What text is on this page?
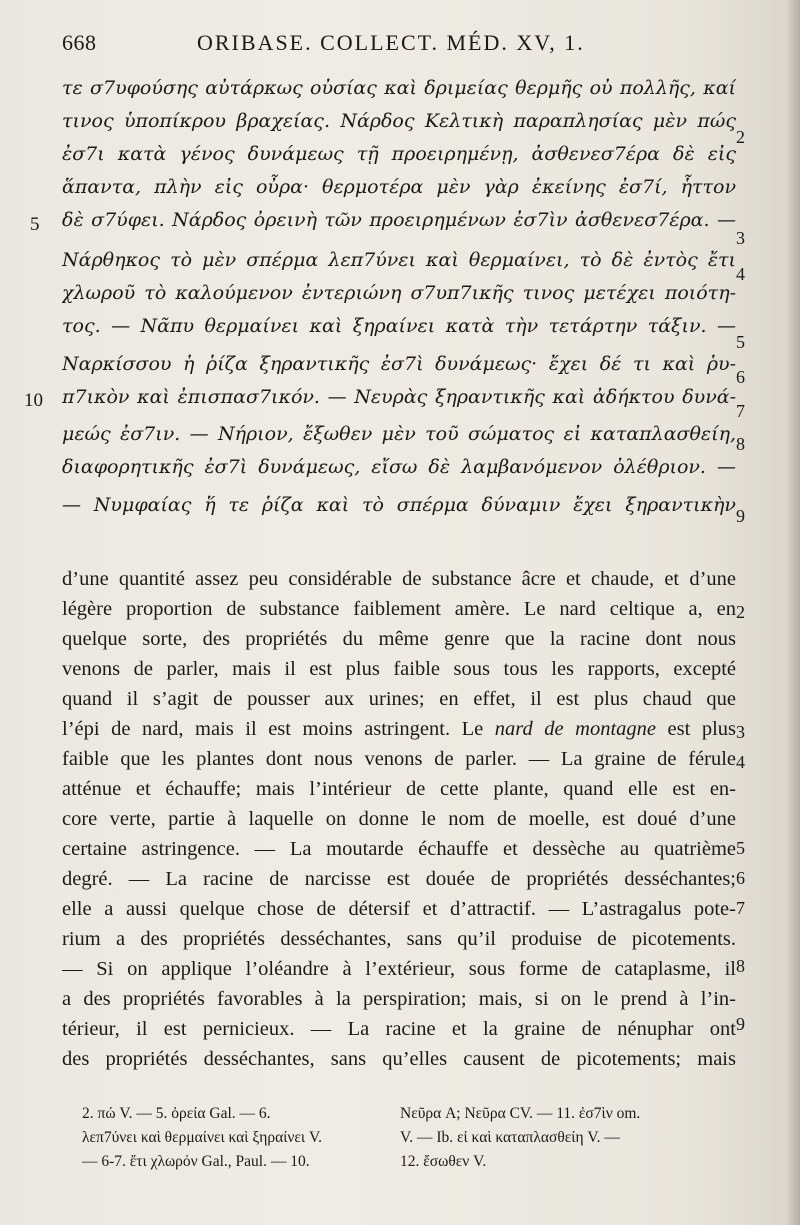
668	ORIBASE. COLLECT. MÉD. XV, 1.
τε σ7υφούσης αὐτάρκως οὐσίας καὶ δριμείας θερμῆς οὐ πολλῆς, καί
τινος ὑποπίκρου βραχείας. Νάρδος Κελτικὴ παραπλησίας μὲν πώς
ἐσ7ι κατὰ γένος δυνάμεως τῇ προειρημένῃ, ἀσθενεσ7έρα δὲ εἰς
ἅπαντα, πλὴν εἰς οὖρα· θερμοτέρα μὲν γὰρ ἐκείνης ἐσ7ί, ἧττον
δὲ σ7ύφει. Νάρδος ὀρεινὴ τῶν προειρημένων ἐσ7ὶν ἀσθενεσ7έρα. —
Νάρθηκος τὸ μὲν σπέρμα λεπ7ύνει καὶ θερμαίνει, τὸ δὲ ἐντὸς ἔτι
χλωροῦ τὸ καλούμενον ἐντεριώνη σ7υπ7ικῆς τινος μετέχει ποιότη-
τος. — Νᾶπυ θερμαίνει καὶ ξηραίνει κατὰ τὴν τετάρτην τάξιν. —
Ναρκίσσου ἡ ῥίζα ξηραντικῆς ἐσ7ὶ δυνάμεως· ἔχει δέ τι καὶ ῥυ-
π7ικὸν καὶ ἐπισπασ7ικόν. — Νευρὰς ξηραντικῆς καὶ ἀδήκτου δυνά-
μεώς ἐσ7ιν. — Νήριον, ἔξωθεν μὲν τοῦ σώματος εἰ καταπλασθείη,
διαφορητικῆς ἐσ7ὶ δυνάμεως, εἴσω δὲ λαμβανόμενον ὀλέθριον. —
— Νυμφαίας ἥ τε ῥίζα καὶ τὸ σπέρμα δύναμιν ἔχει ξηραντικὴν
5
10
2
3
4
5
6
7
8
9
d’une quantité assez peu considérable de substance âcre et chaude, et d’une
légère proportion de substance faiblement amère. Le nard celtique a, en
quelque sorte, des propriétés du même genre que la racine dont nous
venons de parler, mais il est plus faible sous tous les rapports, excepté
quand il s’agit de pousser aux urines; en effet, il est plus chaud que
l’épi de nard, mais il est moins astringent. Le nard de montagne est plus
faible que les plantes dont nous venons de parler. — La graine de férule
atténue et échauffe; mais l’intérieur de cette plante, quand elle est en-
core verte, partie à laquelle on donne le nom de moelle, est doué d’une
certaine astringence. — La moutarde échauffe et dessèche au quatrième
degré. — La racine de narcisse est douée de propriétés desséchantes;
elle a aussi quelque chose de détersif et d’attractif. — L’astragalus pote-
rium a des propriétés desséchantes, sans qu’il produise de picotements.
— Si on applique l’oléandre à l’extérieur, sous forme de cataplasme, il
a des propriétés favorables à la perspiration; mais, si on le prend à l’in-
térieur, il est pernicieux. — La racine et la graine de nénuphar ont
des propriétés desséchantes, sans qu’elles causent de picotements; mais
2
3
4
5
6
7
8
9
2. πώ V. — 5. ὀρεία Gal. — 6.	Νεῦρα A; Νεῦρα CV. — 11. ἐσ7ὶν om.
λεπ7ύνει καὶ θερμαίνει καὶ ξηραίνει V.	V. — Ib. εἰ καὶ καταπλασθείη V. —
— 6-7. ἔτι χλωρόν Gal., Paul. — 10.	12. ἔσωθεν V.
